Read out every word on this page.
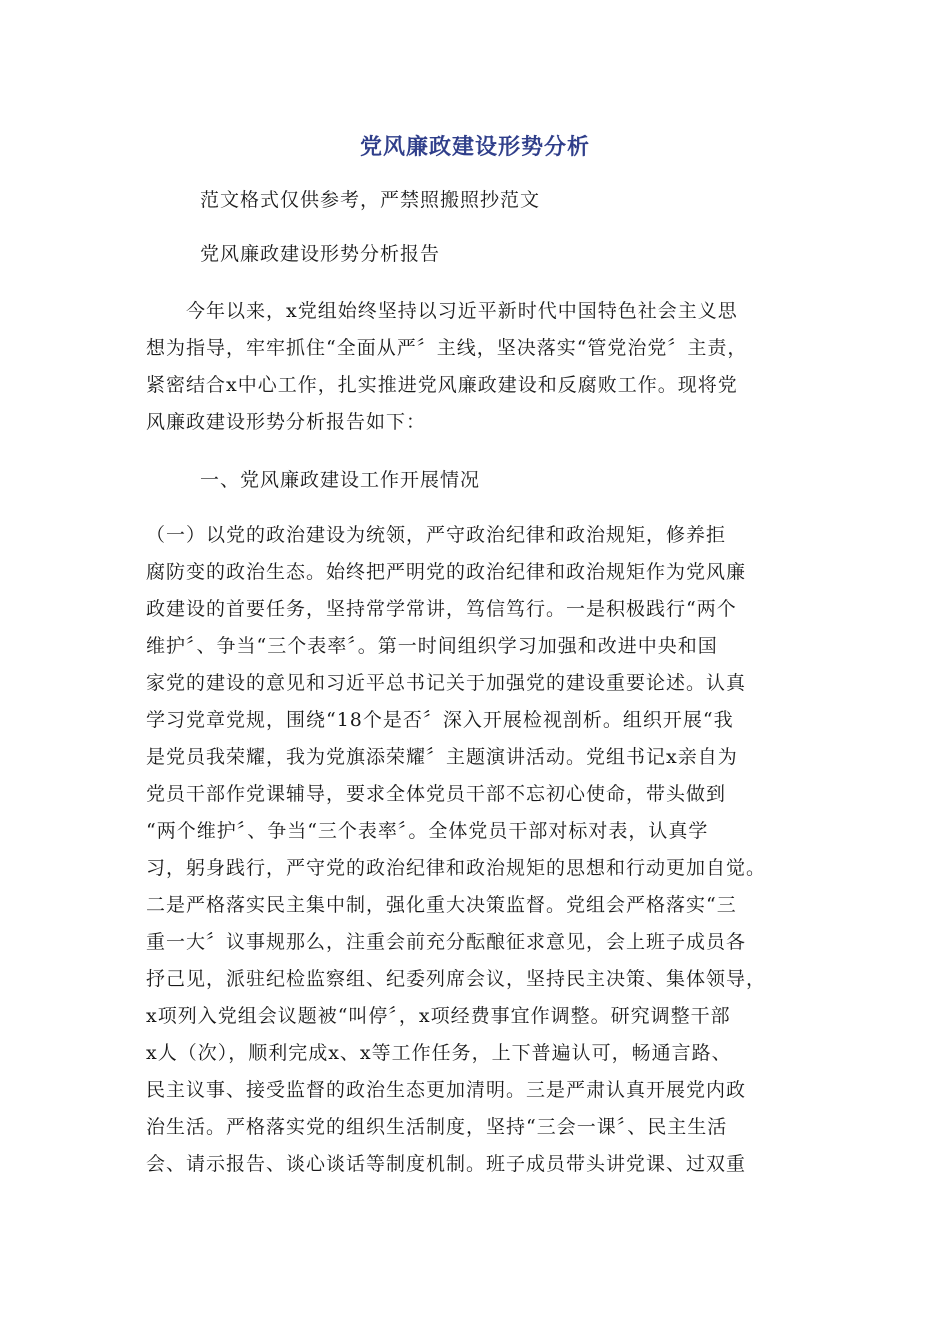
党风廉政建设形势分析
范文格式仅供参考，严禁照搬照抄范文
党风廉政建设形势分析报告
　　今年以来，x党组始终坚持以习近平新时代中国特色社会主义思
想为指导，牢牢抓住“全面从严〞主线，坚决落实“管党治党〞主责，
紧密结合x中心工作，扎实推进党风廉政建设和反腐败工作。现将党
风廉政建设形势分析报告如下：
一、党风廉政建设工作开展情况
（一）以党的政治建设为统领，严守政治纪律和政治规矩，修养拒
腐防变的政治生态。始终把严明党的政治纪律和政治规矩作为党风廉
政建设的首要任务，坚持常学常讲，笃信笃行。一是积极践行“两个
维护〞、争当“三个表率〞。第一时间组织学习加强和改进中央和国
家党的建设的意见和习近平总书记关于加强党的建设重要论述。认真
学习党章党规，围绕“18个是否〞深入开展检视剖析。组织开展“我
是党员我荣耀，我为党旗添荣耀〞主题演讲活动。党组书记x亲自为
党员干部作党课辅导，要求全体党员干部不忘初心使命，带头做到
“两个维护〞、争当“三个表率〞。全体党员干部对标对表，认真学
习，躬身践行，严守党的政治纪律和政治规矩的思想和行动更加自觉。
二是严格落实民主集中制，强化重大决策监督。党组会严格落实“三
重一大〞议事规那么，注重会前充分酝酿征求意见，会上班子成员各
抒己见，派驻纪检监察组、纪委列席会议，坚持民主决策、集体领导，
x项列入党组会议题被“叫停〞，x项经费事宜作调整。研究调整干部
x人（次），顺利完成x、x等工作任务，上下普遍认可，畅通言路、
民主议事、接受监督的政治生态更加清明。三是严肃认真开展党内政
治生活。严格落实党的组织生活制度，坚持“三会一课〞、民主生活
会、请示报告、谈心谈话等制度机制。班子成员带头讲党课、过双重
